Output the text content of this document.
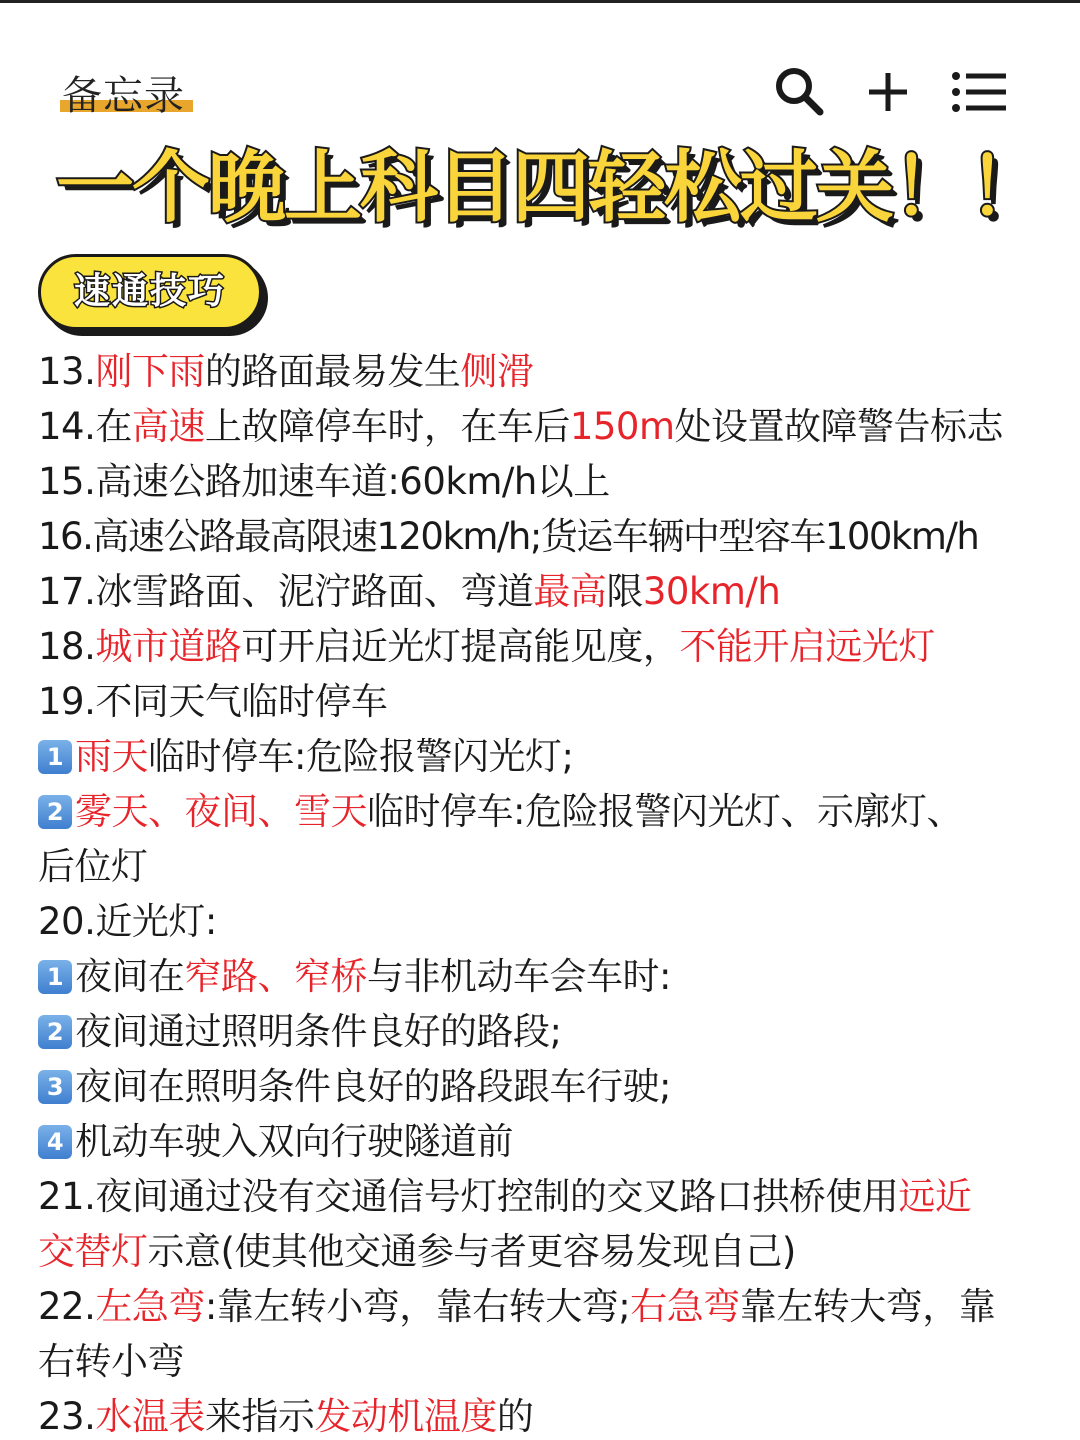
备忘录
一个晚上科目四轻松过关！！
速通技巧
13.刚下雨的路面最易发生侧滑
14.在高速上故障停车时，在车后150m处设置故障警告标志
15.高速公路加速车道:60km/h以上
16.高速公路最高限速120km/h;货运车辆中型容车100km/h
17.冰雪路面、泥泞路面、弯道最高限30km/h
18.城市道路可开启近光灯提高能见度，不能开启远光灯
19.不同天气临时停车
1 雨天临时停车:危险报警闪光灯;
2 雾天、夜间、雪天临时停车:危险报警闪光灯、示廓灯、
后位灯
20.近光灯:
1 夜间在窄路、窄桥与非机动车会车时:
2 夜间通过照明条件良好的路段;
3 夜间在照明条件良好的路段跟车行驶;
4 机动车驶入双向行驶隧道前
21.夜间通过没有交通信号灯控制的交叉路口拱桥使用远近
交替灯示意(使其他交通参与者更容易发现自己)
22.左急弯:靠左转小弯，靠右转大弯;右急弯靠左转大弯，靠
右转小弯
23.水温表来指示发动机温度的
